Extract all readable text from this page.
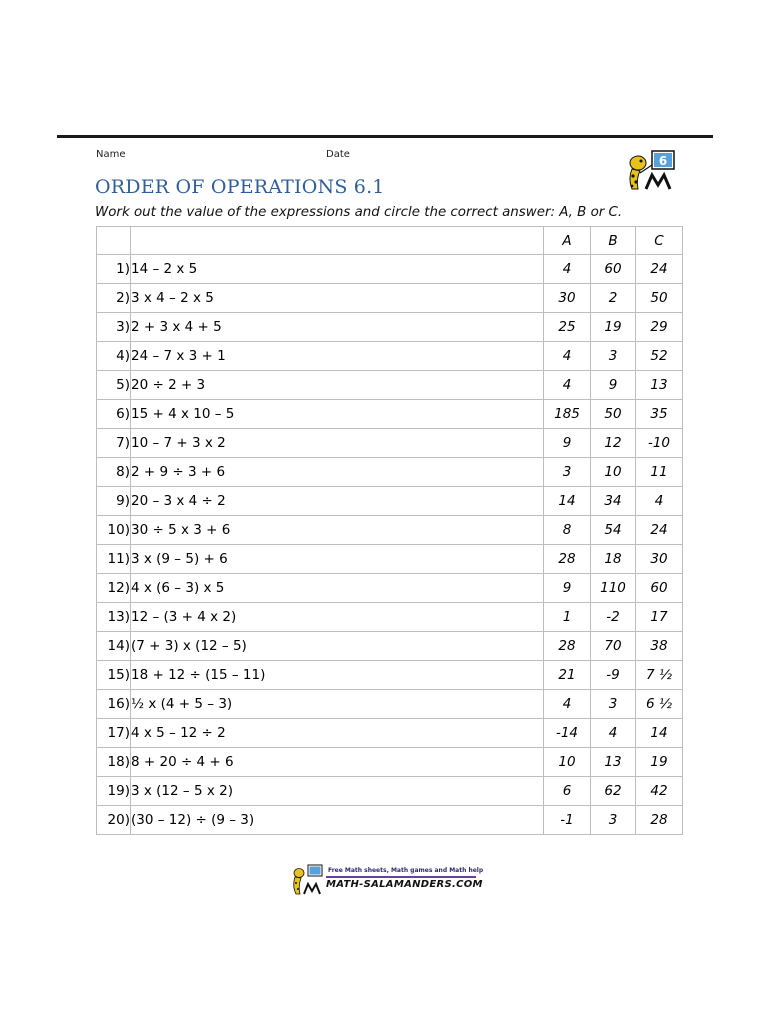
Name	Date	6
ORDER OF OPERATIONS 6.1
Work out the value of the expressions and circle the correct answer: A, B or C.
		A	B	C
1)	14 – 2 x 5	4	60	24
2)	3 x 4 – 2 x 5	30	2	50
3)	2 + 3 x 4 + 5	25	19	29
4)	24 – 7 x 3 + 1	4	3	52
5)	20 ÷ 2 + 3	4	9	13
6)	15 + 4 x 10 – 5	185	50	35
7)	10 – 7 + 3 x 2	9	12	-10
8)	2 + 9 ÷ 3 + 6	3	10	11
9)	20 – 3 x 4 ÷ 2	14	34	4
10)	30 ÷ 5 x 3 + 6	8	54	24
11)	3 x (9 – 5) + 6	28	18	30
12)	4 x (6 – 3) x 5	9	110	60
13)	12 – (3 + 4 x 2)	1	-2	17
14)	(7 + 3) x (12 – 5)	28	70	38
15)	18 + 12 ÷ (15 – 11)	21	-9	7 ½
16)	½ x (4 + 5 – 3)	4	3	6 ½
17)	4 x 5 – 12 ÷ 2	-14	4	14
18)	8 + 20 ÷ 4 + 6	10	13	19
19)	3 x (12 – 5 x 2)	6	62	42
20)	(30 – 12) ÷ (9 – 3)	-1	3	28
Free Math sheets, Math games and Math help
MATH-SALAMANDERS.COM
